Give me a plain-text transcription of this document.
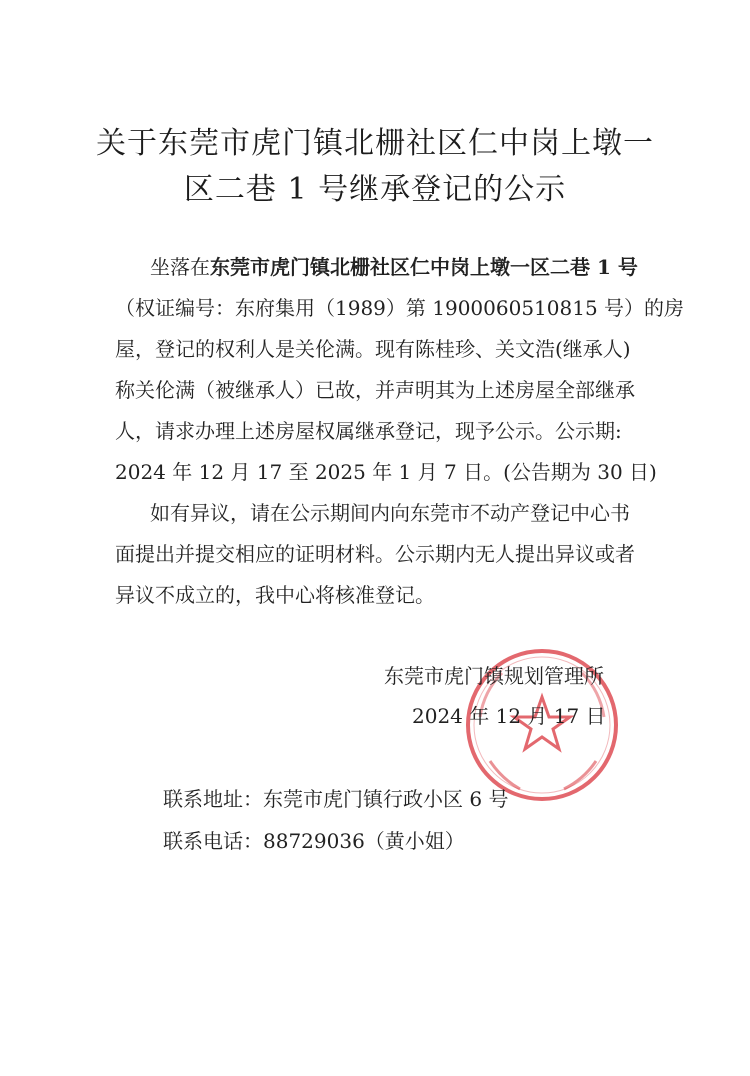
关于东莞市虎门镇北栅社区仁中岗上墩一
区二巷 1 号继承登记的公示
坐落在东莞市虎门镇北栅社区仁中岗上墩一区二巷 1 号
（权证编号：东府集用（1989）第 1900060510815 号）的房
屋，登记的权利人是关伦满。现有陈桂珍、关文浩(继承人)
称关伦满（被继承人）已故，并声明其为上述房屋全部继承
人，请求办理上述房屋权属继承登记，现予公示。公示期:
2024 年 12 月 17 至 2025 年 1 月 7 日。(公告期为 30 日)
如有异议，请在公示期间内向东莞市不动产登记中心书
面提出并提交相应的证明材料。公示期内无人提出异议或者
异议不成立的，我中心将核准登记。
东莞市虎门镇规划管理所
2024 年 12 月 17 日
联系地址：东莞市虎门镇行政小区 6 号
联系电话：88729036（黄小姐）
